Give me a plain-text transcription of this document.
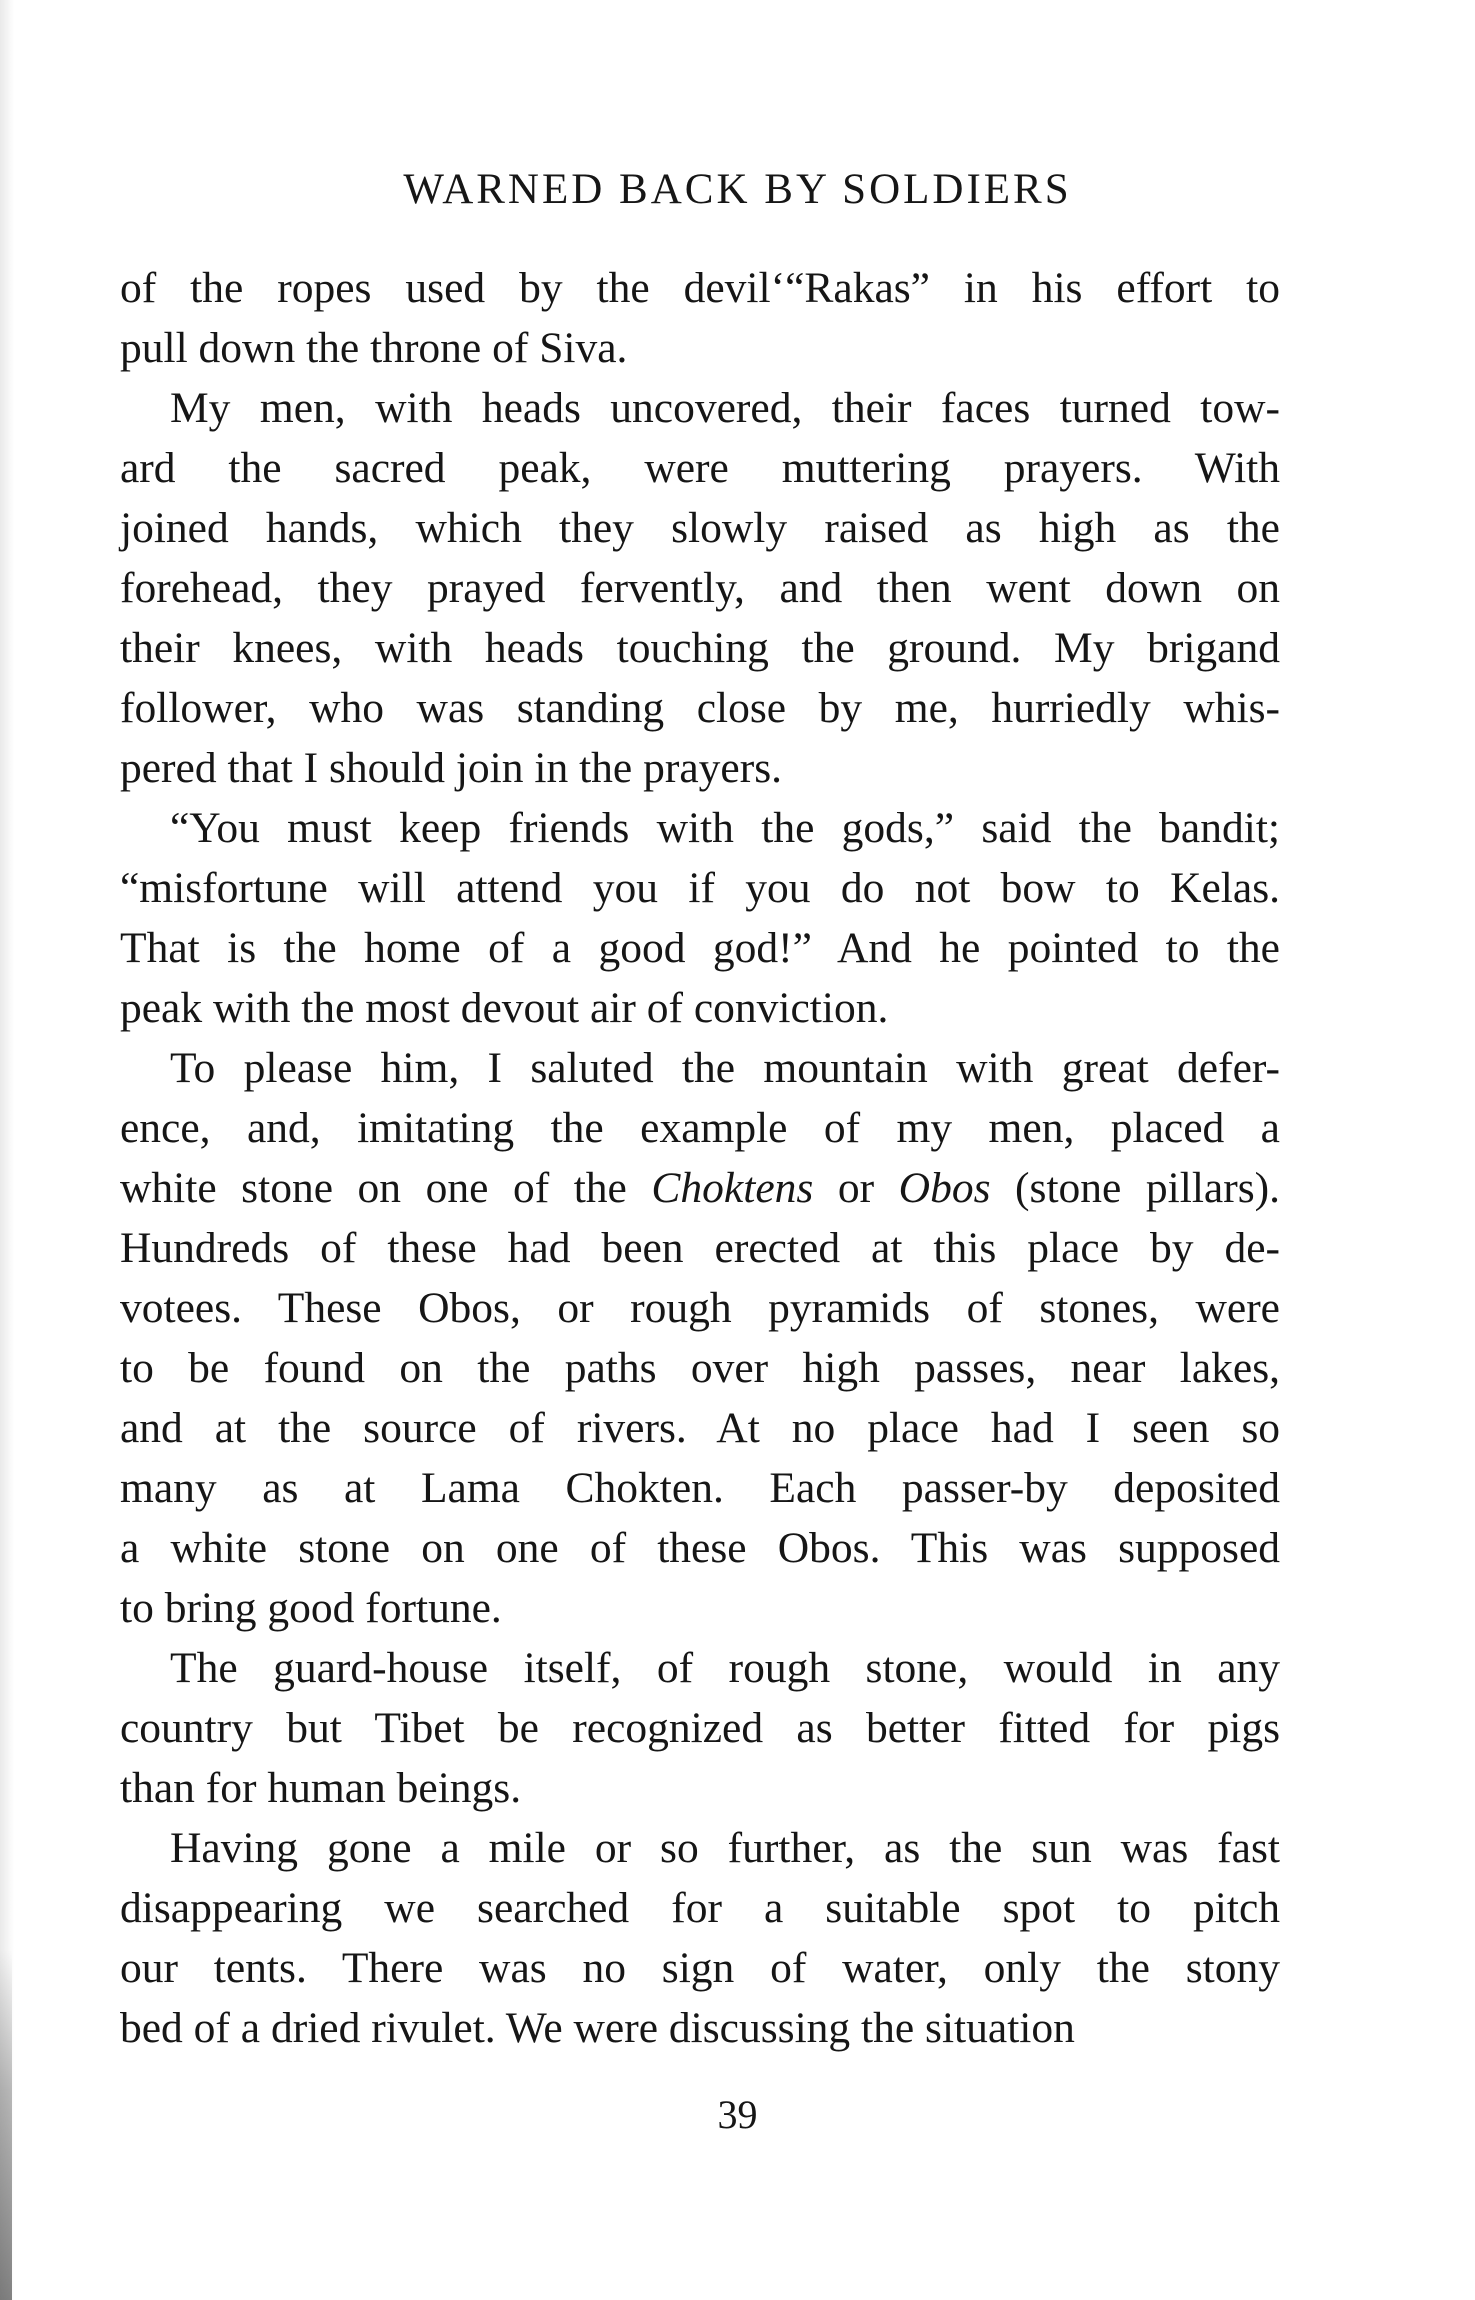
WARNED BACK BY SOLDIERS

of the ropes used by the devil‘“Rakas” in his effort to
pull down the throne of Siva.

My men, with heads uncovered, their faces turned tow-
ard the sacred peak, were muttering prayers. With
joined hands, which they slowly raised as high as the
forehead, they prayed fervently, and then went down on
their knees, with heads touching the ground. My brigand
follower, who was standing close by me, hurriedly whis-
pered that I should join in the prayers.

“You must keep friends with the gods,” said the bandit;
“misfortune will attend you if you do not bow to Kelas.
That is the home of a good god!” And he pointed to the
peak with the most devout air of conviction.

To please him, I saluted the mountain with great defer-
ence, and, imitating the example of my men, placed a
white stone on one of the Choktens or Obos (stone pillars).
Hundreds of these had been erected at this place by de-
votees. These Obos, or rough pyramids of stones, were
to be found on the paths over high passes, near lakes,
and at the source of rivers. At no place had I seen so
many as at Lama Chokten. Each passer-by deposited
a white stone on one of these Obos. This was supposed
to bring good fortune.

The guard-house itself, of rough stone, would in any
country but Tibet be recognized as better fitted for pigs
than for human beings.

Having gone a mile or so further, as the sun was fast
disappearing we searched for a suitable spot to pitch
our tents. There was no sign of water, only the stony
bed of a dried rivulet. We were discussing the situation

39
